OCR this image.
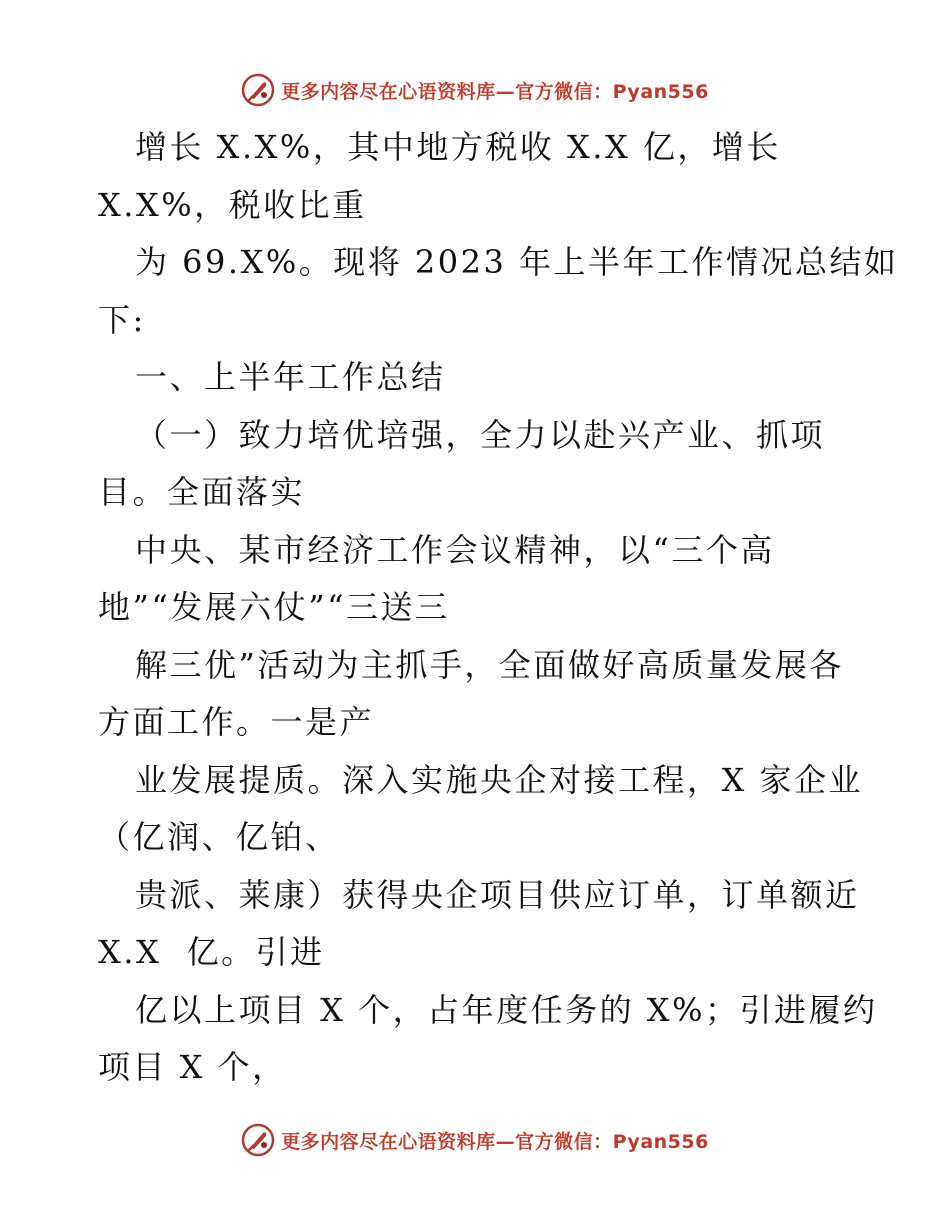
更多内容尽在心语资料库—官方微信：Pyan556
增长 X.X%，其中地方税收 X.X 亿，增长
X.X%，税收比重
为 69.X%。现将 2023 年上半年工作情况总结如
下:
一、上半年工作总结
（一）致力培优培强，全力以赴兴产业、抓项
目。全面落实
中央、某市经济工作会议精神，以“三个高
地”“发展六仗”“三送三
解三优”活动为主抓手，全面做好高质量发展各
方面工作。一是产
业发展提质。深入实施央企对接工程，X 家企业
（亿润、亿铂、
贵派、莱康）获得央企项目供应订单，订单额近
X.X  亿。引进
亿以上项目 X 个，占年度任务的 X%；引进履约
项目 X 个，
更多内容尽在心语资料库—官方微信：Pyan556
